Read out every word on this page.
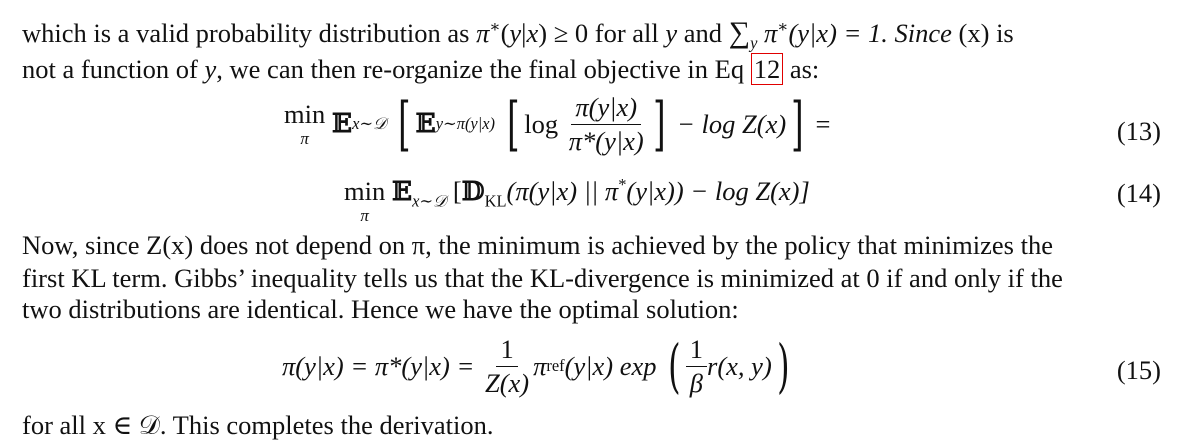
which is a valid probability distribution as π∗(y|x) ≥ 0 for all y and $\sum_y$ π∗(y|x) = 1. Since (x) is
not a function of y, we can then re-organize the final objective in Eq 12 as:
min
π 𝔼x∼𝒟 [ 𝔼y∼π(y|x) [ $\log \frac{\pi(y|x)}{\pi*(y|x)}$ ] − log Z(x)] =	(13)
min
π
𝔼$_{x\sim 𝒟}$ [𝔻$_{KL}$(π(y|x) || π*(y|x)) − log Z(x)]	(14)
Now, since Z(x) does not depend on π, the minimum is achieved by the policy that minimizes the
first KL term. Gibbs’ inequality tells us that the KL-divergence is minimized at 0 if and only if the
two distributions are identical. Hence we have the optimal solution:
$\pi(y|x) = \pi*(y|x) = \frac{1}{Z(x)} \pi ref(y|x)$ exp ( $\frac{1}{\beta} r(x$, y))	(15)
for all x ∈ 𝒟. This completes the derivation.
